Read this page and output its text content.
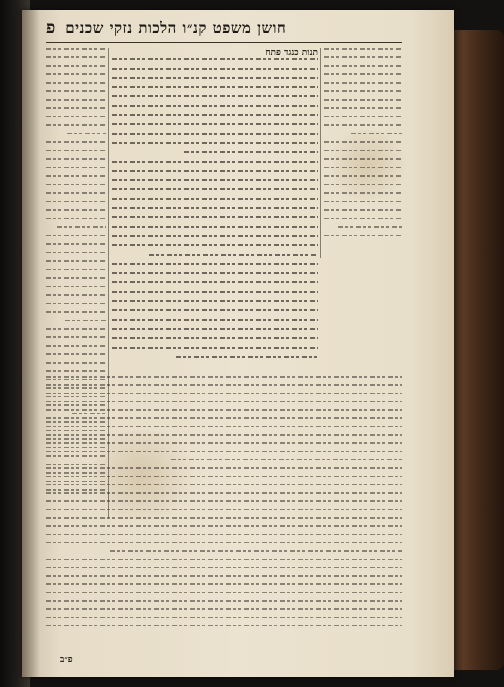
פ חושן משפט קנ״ו הלכות נזקי שכנים
תנות כנגד פתח
פ״ב
